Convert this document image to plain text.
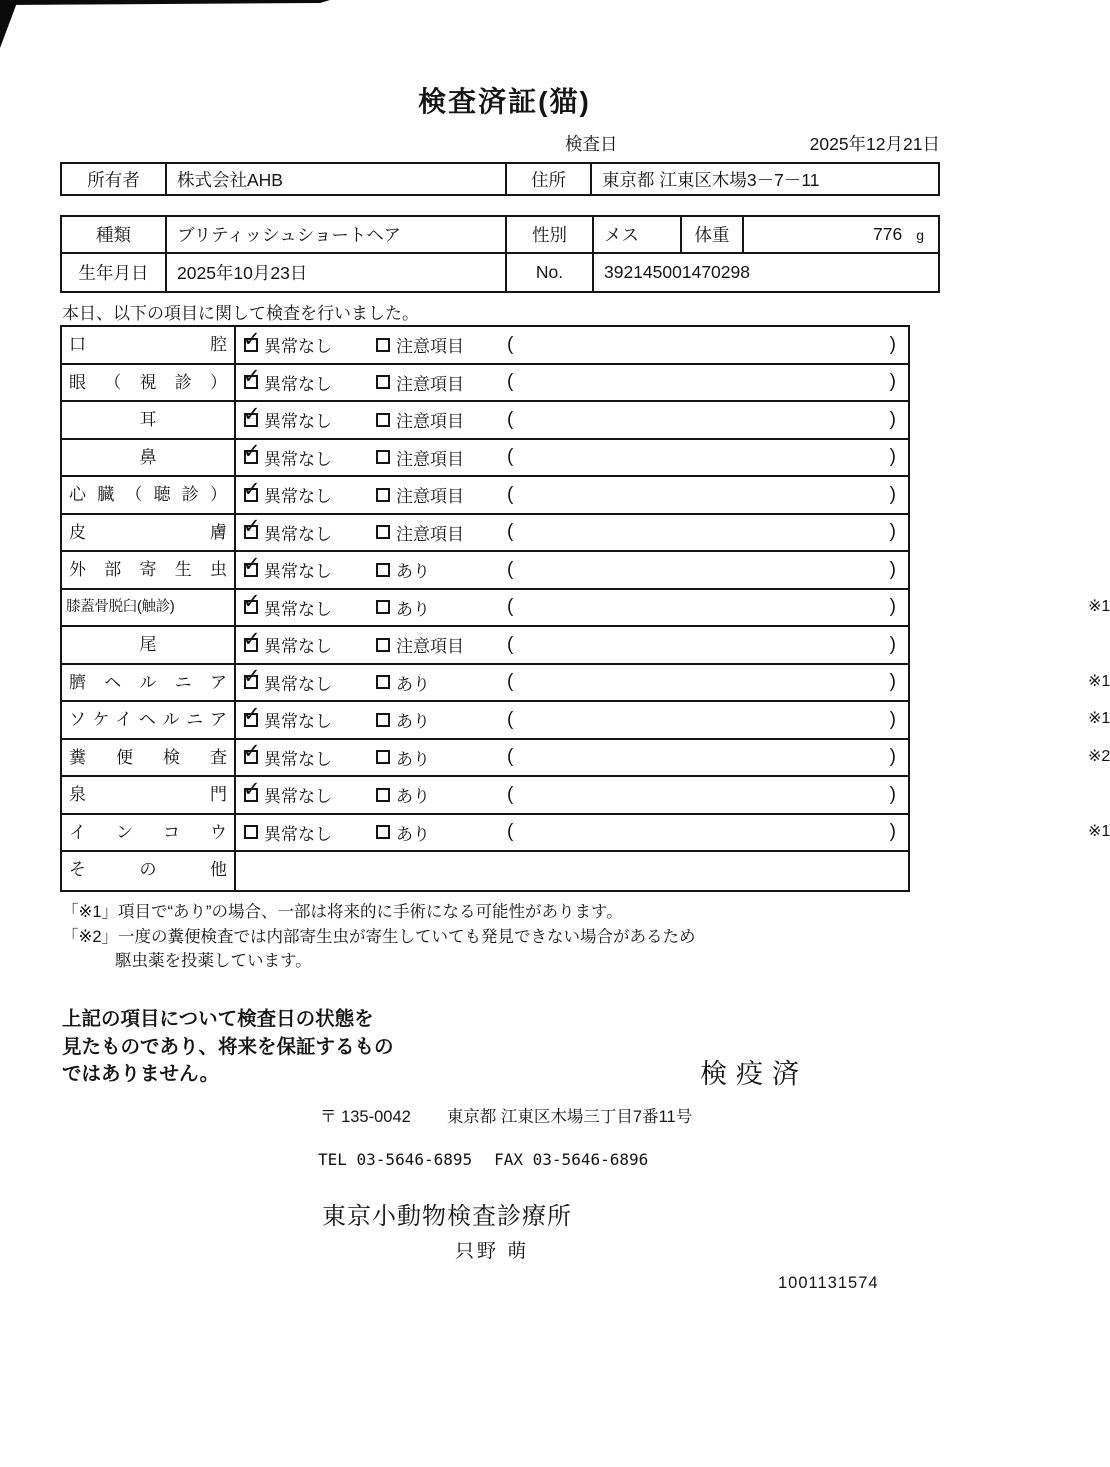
検査済証(猫)
検査日	2025年12月21日
所有者	株式会社AHB	住所	東京都 江東区木場3－7－11
種類	ブリティッシュショートヘア	性別	メス	体重	776 g
生年月日	2025年10月23日	No.	392145001470298
本日、以下の項目に関して検査を行いました。
口腔 ✓ 異常なし	注意項目 (	)
眼（視診） ✓ 異常なし	注意項目 (	)
耳	✓ 異常なし	注意項目 (	)
鼻	✓ 異常なし	注意項目 (	)
心臓（聴診） ✓ 異常なし	注意項目 (	)
皮膚 ✓ 異常なし	注意項目 (	)
外部寄生虫 ✓ 異常なし	あり	(	)
膝蓋骨脱臼(触診)	✓ 異常なし	あり	(	)	※1
尾	✓ 異常なし	注意項目 (	)
臍ヘルニア ✓ 異常なし	あり	(	)	※1
ソケイヘルニア ✓ 異常なし	あり	(	)	※1
糞便検査 ✓ 異常なし	あり	(	)	※2
泉門 ✓ 異常なし	あり	(	)
インコウ	異常なし	あり	(	)	※1
その他
「※1」項目で“あり”の場合、一部は将来的に手術になる可能性があります。
「※2」一度の糞便検査では内部寄生虫が寄生していても発見できない場合があるため
駆虫薬を投薬しています。
上記の項目について検査日の状態を
見たものであり、将来を保証するもの
ではありません。	検疫済
〒 135-0042 東京都 江東区木場三丁目7番11号
TEL 03-5646-6895 FAX 03-5646-6896
東京小動物検査診療所
只野 萌
1001131574
